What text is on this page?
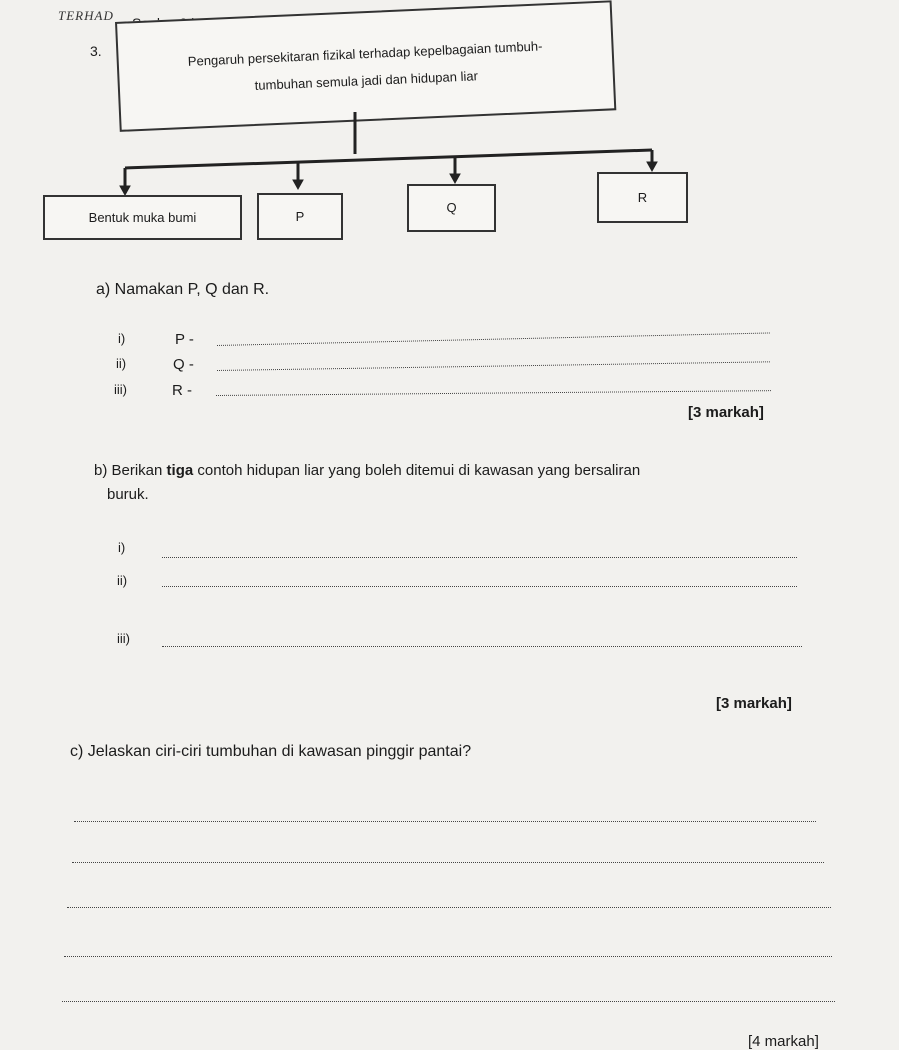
TERHAD
3.	Pengaruh persekitaran fizikal terhadap kepelbagaian tumbuh-
tumbuhan semula jadi dan hidupan liar
Bentuk muka bumi	P
Q
R
a) Namakan P, Q dan R.
i)	P -
ii)	Q -
iii)	R -
[3 markah]
b) Berikan tiga contoh hidupan liar yang boleh ditemui di kawasan yang bersaliran
buruk.
i)
ii)
iii)
[3 markah]
c) Jelaskan ciri-ciri tumbuhan di kawasan pinggir pantai?
[4 markah]
